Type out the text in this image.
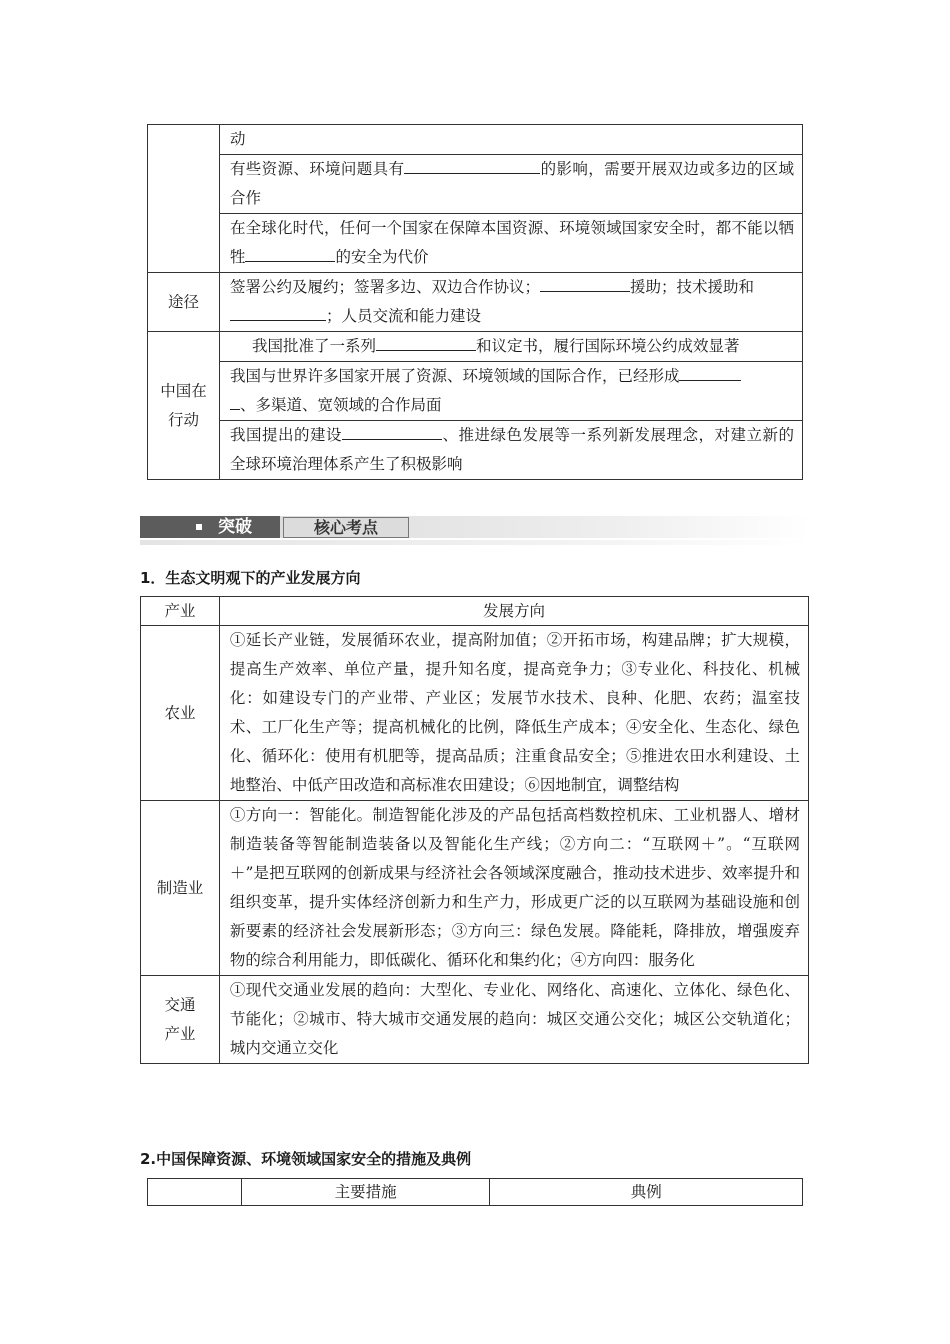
	动
	有些资源、环境问题具有 的影响，需要开展双边或多边的区域合作
	在全球化时代，任何一个国家在保障本国资源、环境领域国家安全时，都不能以牺牲 的安全为代价
途径	签署公约及履约；签署多边、双边合作协议； 援助；技术援助和
；人员交流和能力建设

中国在行动	我国批准了一系列 和议定书，履行国际环境公约成效显著
	我国与世界许多国家开展了资源、环境领域的国际合作，已经形成
、多渠道、宽领域的合作局面
	我国提出的建设 、推进绿色发展等一系列新发展理念，对建立新的全球环境治理体系产生了积极影响
突破	核心考点
1．生态文明观下的产业发展方向
产业	发展方向
农业	①延长产业链，发展循环农业，提高附加值；②开拓市场，构建品牌；扩大规模，提高生产效率、单位产量，提升知名度，提高竞争力；③专业化、科技化、机械化：如建设专门的产业带、产业区；发展节水技术、良种、化肥、农药；温室技术、工厂化生产等；提高机械化的比例，降低生产成本；④安全化、生态化、绿色化、循环化：使用有机肥等，提高品质；注重食品安全；⑤推进农田水利建设、土地整治、中低产田改造和高标准农田建设；⑥因地制宜，调整结构
制造业	①方向一：智能化。制造智能化涉及的产品包括高档数控机床、工业机器人、增材制造装备等智能制造装备以及智能化生产线；②方向二：“互联网＋”。“互联网＋”是把互联网的创新成果与经济社会各领域深度融合，推动技术进步、效率提升和组织变革，提升实体经济创新力和生产力，形成更广泛的以互联网为基础设施和创新要素的经济社会发展新形态；③方向三：绿色发展。降能耗，降排放，增强废弃物的综合利用能力，即低碳化、循环化和集约化；④方向四：服务化

交通产业	①现代交通业发展的趋向：大型化、专业化、网络化、高速化、立体化、绿色化、节能化；②城市、特大城市交通发展的趋向：城区交通公交化；城区公交轨道化；城内交通立交化
2.中国保障资源、环境领域国家安全的措施及典例
	主要措施	典例
